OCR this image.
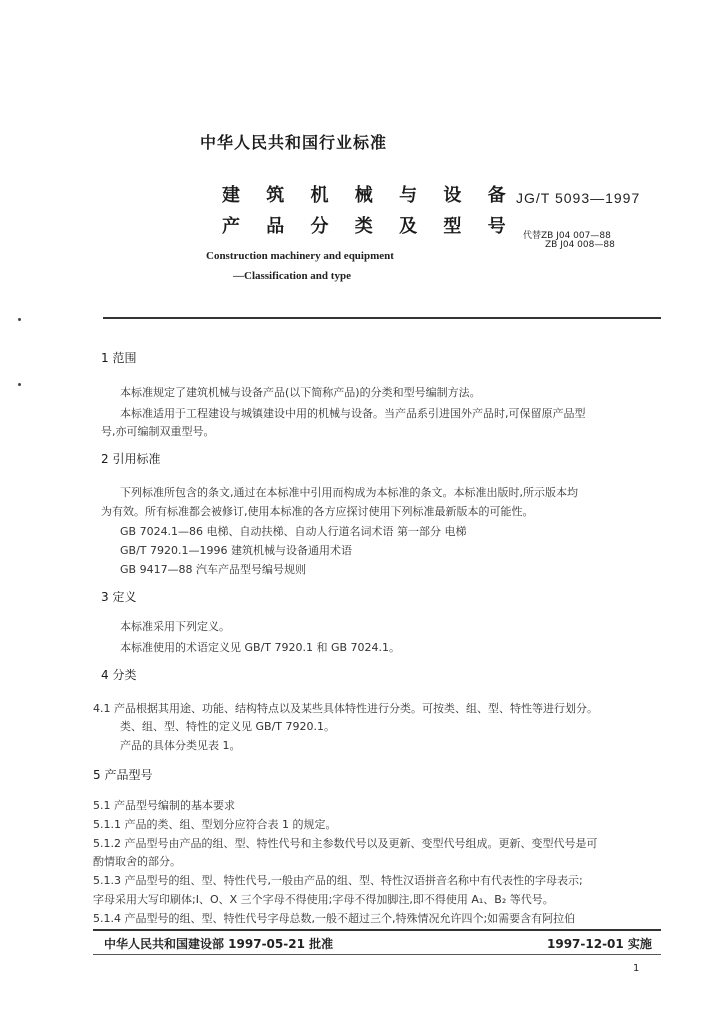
中华人民共和国行业标准
建 筑 机 械 与 设 备
产 品 分 类 及 型 号
Construction machinery and equipment
—Classification and type
JG/T 5093—1997
代替ZB J04 007—88
ZB J04 008—88
1 范围
本标准规定了建筑机械与设备产品(以下简称产品)的分类和型号编制方法。
本标准适用于工程建设与城镇建设中用的机械与设备。当产品系引进国外产品时,可保留原产品型
号,亦可编制双重型号。
2 引用标准
下列标准所包含的条文,通过在本标准中引用而构成为本标准的条文。本标准出版时,所示版本均
为有效。所有标准都会被修订,使用本标准的各方应探讨使用下列标准最新版本的可能性。
GB 7024.1—86 电梯、自动扶梯、自动人行道名词术语 第一部分 电梯
GB/T 7920.1—1996 建筑机械与设备通用术语
GB 9417—88 汽车产品型号编号规则
3 定义
本标准采用下列定义。
本标准使用的术语定义见 GB/T 7920.1 和 GB 7024.1。
4 分类
4.1 产品根据其用途、功能、结构特点以及某些具体特性进行分类。可按类、组、型、特性等进行划分。
类、组、型、特性的定义见 GB/T 7920.1。
产品的具体分类见表 1。
5 产品型号
5.1 产品型号编制的基本要求
5.1.1 产品的类、组、型划分应符合表 1 的规定。
5.1.2 产品型号由产品的组、型、特性代号和主参数代号以及更新、变型代号组成。更新、变型代号是可
酌情取舍的部分。
5.1.3 产品型号的组、型、特性代号,一般由产品的组、型、特性汉语拼音名称中有代表性的字母表示;
字母采用大写印刷体;I、O、X 三个字母不得使用;字母不得加脚注,即不得使用 A₁、B₂ 等代号。
5.1.4 产品型号的组、型、特性代号字母总数,一般不超过三个,特殊情况允许四个;如需要含有阿拉伯
中华人民共和国建设部 1997-05-21 批准	1997-12-01 实施
1
